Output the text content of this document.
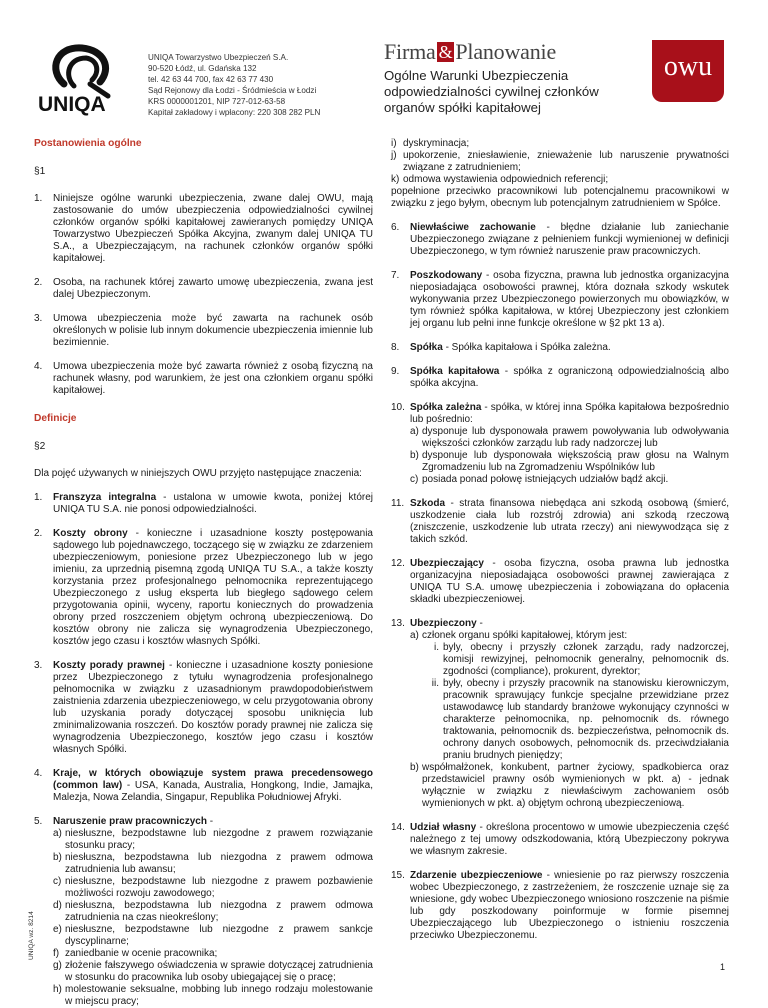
UNIQA
UNIQA Towarzystwo Ubezpieczeń S.A.
90-520 Łódź, ul. Gdańska 132
tel. 42 63 44 700, fax 42 63 77 430
Sąd Rejonowy dla Łodzi - Śródmieścia w Łodzi
KRS 0000001201, NIP 727-012-63-58
Kapitał zakładowy i wpłacony: 220 308 282 PLN
Firma & Planowanie	owu
Ogólne Warunki Ubezpieczenia odpowiedzialności cywilnej członków organów spółki kapitałowej
Postanowienia ogólne
§1
1.	Niniejsze ogólne warunki ubezpieczenia, zwane dalej OWU, mają zastosowanie do umów ubezpieczenia odpowiedzialności cywilnej członków organów spółki kapitałowej zawieranych pomiędzy UNIQA Towarzystwo Ubezpieczeń Spółka Akcyjna, zwanym dalej UNIQA TU S.A., a Ubezpieczającym, na rachunek członków organów spółki kapitałowej.
2.	Osoba, na rachunek której zawarto umowę ubezpieczenia, zwana jest dalej Ubezpieczonym.
3.	Umowa ubezpieczenia może być zawarta na rachunek osób określonych w polisie lub innym dokumencie ubezpieczenia imiennie lub bezimiennie.
4.	Umowa ubezpieczenia może być zawarta również z osobą fizyczną na rachunek własny, pod warunkiem, że jest ona członkiem organu spółki kapitałowej.
Definicje
§2
Dla pojęć używanych w niniejszych OWU przyjęto następujące znaczenia:
1.	Franszyza integralna - ustalona w umowie kwota, poniżej której UNIQA TU S.A. nie ponosi odpowiedzialności.
2.	Koszty obrony - konieczne i uzasadnione koszty postępowania sądowego lub pojednawczego, toczącego się w związku ze zdarzeniem ubezpieczeniowym, poniesione przez Ubezpieczonego lub w jego imieniu, za uprzednią pisemną zgodą UNIQA TU S.A., a także koszty korzystania przez profesjonalnego pełnomocnika reprezentującego Ubezpieczonego z usług eksperta lub biegłego sądowego celem przygotowania opinii, wyceny, raportu koniecznych do prowadzenia obrony przed roszczeniem objętym ochroną ubezpieczeniową. Do kosztów obrony nie zalicza się wynagrodzenia Ubezpieczonego, kosztów jego czasu i kosztów własnych Spółki.
3.	Koszty porady prawnej - konieczne i uzasadnione koszty poniesione przez Ubezpieczonego z tytułu wynagrodzenia profesjonalnego pełnomocnika w związku z uzasadnionym prawdopodobieństwem zaistnienia zdarzenia ubezpieczeniowego, w celu przygotowania obrony lub uzyskania porady dotyczącej sposobu uniknięcia lub zminimalizowania roszczeń. Do kosztów porady prawnej nie zalicza się wynagrodzenia Ubezpieczonego, kosztów jego czasu i kosztów własnych Spółki.
4.	Kraje, w których obowiązuje system prawa precedensowego (common law) - USA, Kanada, Australia, Hongkong, Indie, Jamajka, Malezja, Nowa Zelandia, Singapur, Republika Południowej Afryki.
5.	Naruszenie praw pracowniczych -
a) niesłuszne, bezpodstawne lub niezgodne z prawem rozwiązanie stosunku pracy;
b) niesłuszna, bezpodstawna lub niezgodna z prawem odmowa zatrudnienia lub awansu;
c) niesłuszne, bezpodstawne lub niezgodne z prawem pozbawienie możliwości rozwoju zawodowego;
d) niesłuszna, bezpodstawna lub niezgodna z prawem odmowa zatrudnienia na czas nieokreślony;
e) niesłuszne, bezpodstawne lub niezgodne z prawem sankcje dyscyplinarne;
f) zaniedbanie w ocenie pracownika;
g) złożenie fałszywego oświadczenia w sprawie dotyczącej zatrudnienia w stosunku do pracownika lub osoby ubiegającej się o pracę;
h) molestowanie seksualne, mobbing lub innego rodzaju molestowanie w miejscu pracy;
i) dyskryminacja;
j) upokorzenie, zniesławienie, znieważenie lub naruszenie prywatności związane z zatrudnieniem;
k) odmowa wystawienia odpowiednich referencji;
popełnione przeciwko pracownikowi lub potencjalnemu pracownikowi w związku z jego byłym, obecnym lub potencjalnym zatrudnieniem w Spółce.
6.	Niewłaściwe zachowanie - błędne działanie lub zaniechanie Ubezpieczonego związane z pełnieniem funkcji wymienionej w definicji Ubezpieczonego, w tym również naruszenie praw pracowniczych.
7.	Poszkodowany - osoba fizyczna, prawna lub jednostka organizacyjna nieposiadająca osobowości prawnej, która doznała szkody wskutek wykonywania przez Ubezpieczonego powierzonych mu obowiązków, w tym również spółka kapitałowa, w której Ubezpieczony jest członkiem jej organu lub pełni inne funkcje określone w §2 pkt 13 a).
8.	Spółka - Spółka kapitałowa i Spółka zależna.
9.	Spółka kapitałowa - spółka z ograniczoną odpowiedzialnością albo spółka akcyjna.
10. Spółka zależna - spółka, w której inna Spółka kapitałowa bezpośrednio lub pośrednio:
a) dysponuje lub dysponowała prawem powoływania lub odwoływania większości członków zarządu lub rady nadzorczej lub
b) dysponuje lub dysponowała większością praw głosu na Walnym Zgromadzeniu lub na Zgromadzeniu Wspólników lub
c) posiada ponad połowę istniejących udziałów bądź akcji.
11. Szkoda - strata finansowa niebędąca ani szkodą osobową (śmierć, uszkodzenie ciała lub rozstrój zdrowia) ani szkodą rzeczową (zniszczenie, uszkodzenie lub utrata rzeczy) ani niewywodząca się z takich szkód.
12. Ubezpieczający - osoba fizyczna, osoba prawna lub jednostka organizacyjna nieposiadająca osobowości prawnej zawierająca z UNIQA TU S.A. umowę ubezpieczenia i zobowiązana do opłacenia składki ubezpieczeniowej.
13. Ubezpieczony -
a) członek organu spółki kapitałowej, którym jest:
i. byly, obecny i przyszły członek zarządu, rady nadzorczej, komisji rewizyjnej, pełnomocnik generalny, pełnomocnik ds. zgodności (compliance), prokurent, dyrektor;
ii. były, obecny i przyszły pracownik na stanowisku kierowniczym, pracownik sprawujący funkcje specjalne przewidziane przez ustawodawcę lub standardy branżowe wykonujący czynności w charakterze pełnomocnika, np. pełnomocnik ds. równego traktowania, pełnomocnik ds. bezpieczeństwa, pełnomocnik ds. ochrony danych osobowych, pełnomocnik ds. przeciwdziałania praniu brudnych pieniędzy;
b) współmałżonek, konkubent, partner życiowy, spadkobierca oraz przedstawiciel prawny osób wymienionych w pkt. a) - jednak wyłącznie w związku z niewłaściwym zachowaniem osób wymienionych w pkt. a) objętym ochroną ubezpieczeniową.
14. Udział własny - określona procentowo w umowie ubezpieczenia część należnego z tej umowy odszkodowania, którą Ubezpieczony pokrywa we własnym zakresie.
15. Zdarzenie ubezpieczeniowe - wniesienie po raz pierwszy roszczenia wobec Ubezpieczonego, z zastrzeżeniem, że roszczenie uznaje się za wniesione, gdy wobec Ubezpieczonego wniosiono roszczenie na piśmie lub gdy poszkodowany poinformuje w formie pisemnej Ubezpieczającego lub Ubezpieczonego o istnieniu roszczenia przeciwko Ubezpieczonemu.
UNIQA wz. 8214
1
